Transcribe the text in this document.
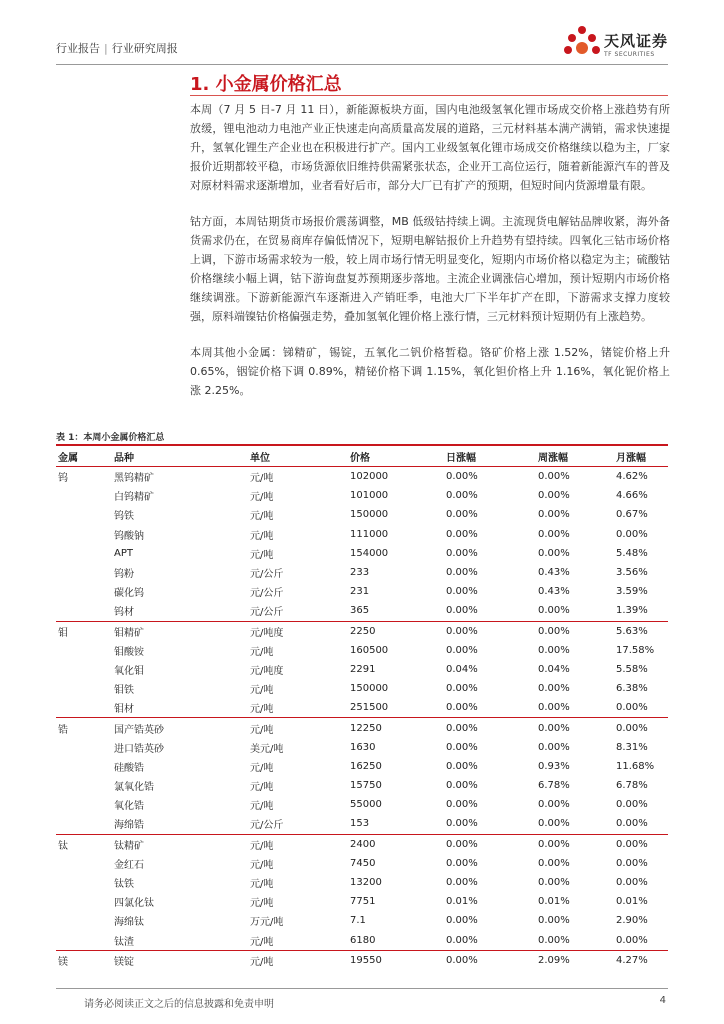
行业报告 | 行业研究周报	天风证券
TF SECURITIES
1. 小金属价格汇总

本周（7 月 5 日-7 月 11 日），新能源板块方面，国内电池级氢氧化锂市场成交价格上涨趋势有所放缓，锂电池动力电池产业正快速走向高质量高发展的道路，三元材料基本满产满销，需求快速提升，氢氧化锂生产企业也在积极进行扩产。国内工业级氢氧化锂市场成交价格继续以稳为主，厂家报价近期都较平稳，市场货源依旧维持供需紧张状态，企业开工高位运行，随着新能源汽车的普及对原材料需求逐渐增加，业者看好后市，部分大厂已有扩产的预期，但短时间内货源增量有限。

钴方面，本周钴期货市场报价震荡调整，MB 低级钴持续上调。主流现货电解钴品牌收紧，海外备货需求仍在，在贸易商库存偏低情况下，短期电解钴报价上升趋势有望持续。四氧化三钴市场价格上调，下游市场需求较为一般，较上周市场行情无明显变化，短期内市场价格以稳定为主；硫酸钴价格继续小幅上调，钴下游询盘复苏预期逐步落地。主流企业调涨信心增加，预计短期内市场价格继续调涨。下游新能源汽车逐渐进入产销旺季，电池大厂下半年扩产在即，下游需求支撑力度较强，原料端镍钴价格偏强走势，叠加氢氧化锂价格上涨行情，三元材料预计短期仍有上涨趋势。

本周其他小金属：锑精矿，锡锭，五氧化二钒价格暂稳。铬矿价格上涨 1.52%，锗锭价格上升 0.65%，铟锭价格下调 0.89%，精铋价格下调 1.15%，氧化钽价格上升 1.16%，氧化铌价格上涨 2.25%。

表 1：本周小金属价格汇总
金属	品种	单位	价格	日涨幅	周涨幅	月涨幅
钨	黑钨精矿	元/吨	102000	0.00%	0.00%	4.62%
	白钨精矿	元/吨	101000	0.00%	0.00%	4.66%
	钨铁	元/吨	150000	0.00%	0.00%	0.67%
	钨酸钠	元/吨	111000	0.00%	0.00%	0.00%
	APT	元/吨	154000	0.00%	0.00%	5.48%
	钨粉	元/公斤	233	0.00%	0.43%	3.56%
	碳化钨	元/公斤	231	0.00%	0.43%	3.59%
	钨材	元/公斤	365	0.00%	0.00%	1.39%
钼	钼精矿	元/吨度	2250	0.00%	0.00%	5.63%
	钼酸铵	元/吨	160500	0.00%	0.00%	17.58%
	氧化钼	元/吨度	2291	0.04%	0.04%	5.58%
	钼铁	元/吨	150000	0.00%	0.00%	6.38%
	钼材	元/吨	251500	0.00%	0.00%	0.00%
锆	国产锆英砂	元/吨	12250	0.00%	0.00%	0.00%
	进口锆英砂	美元/吨	1630	0.00%	0.00%	8.31%
	硅酸锆	元/吨	16250	0.00%	0.93%	11.68%
	氯氧化锆	元/吨	15750	0.00%	6.78%	6.78%
	氧化锆	元/吨	55000	0.00%	0.00%	0.00%
	海绵锆	元/公斤	153	0.00%	0.00%	0.00%
钛	钛精矿	元/吨	2400	0.00%	0.00%	0.00%
	金红石	元/吨	7450	0.00%	0.00%	0.00%
	钛铁	元/吨	13200	0.00%	0.00%	0.00%
	四氯化钛	元/吨	7751	0.01%	0.01%	0.01%
	海绵钛	万元/吨	7.1	0.00%	0.00%	2.90%
	钛渣	元/吨	6180	0.00%	0.00%	0.00%
镁	镁锭	元/吨	19550	0.00%	2.09%	4.27%
请务必阅读正文之后的信息披露和免责申明	4
